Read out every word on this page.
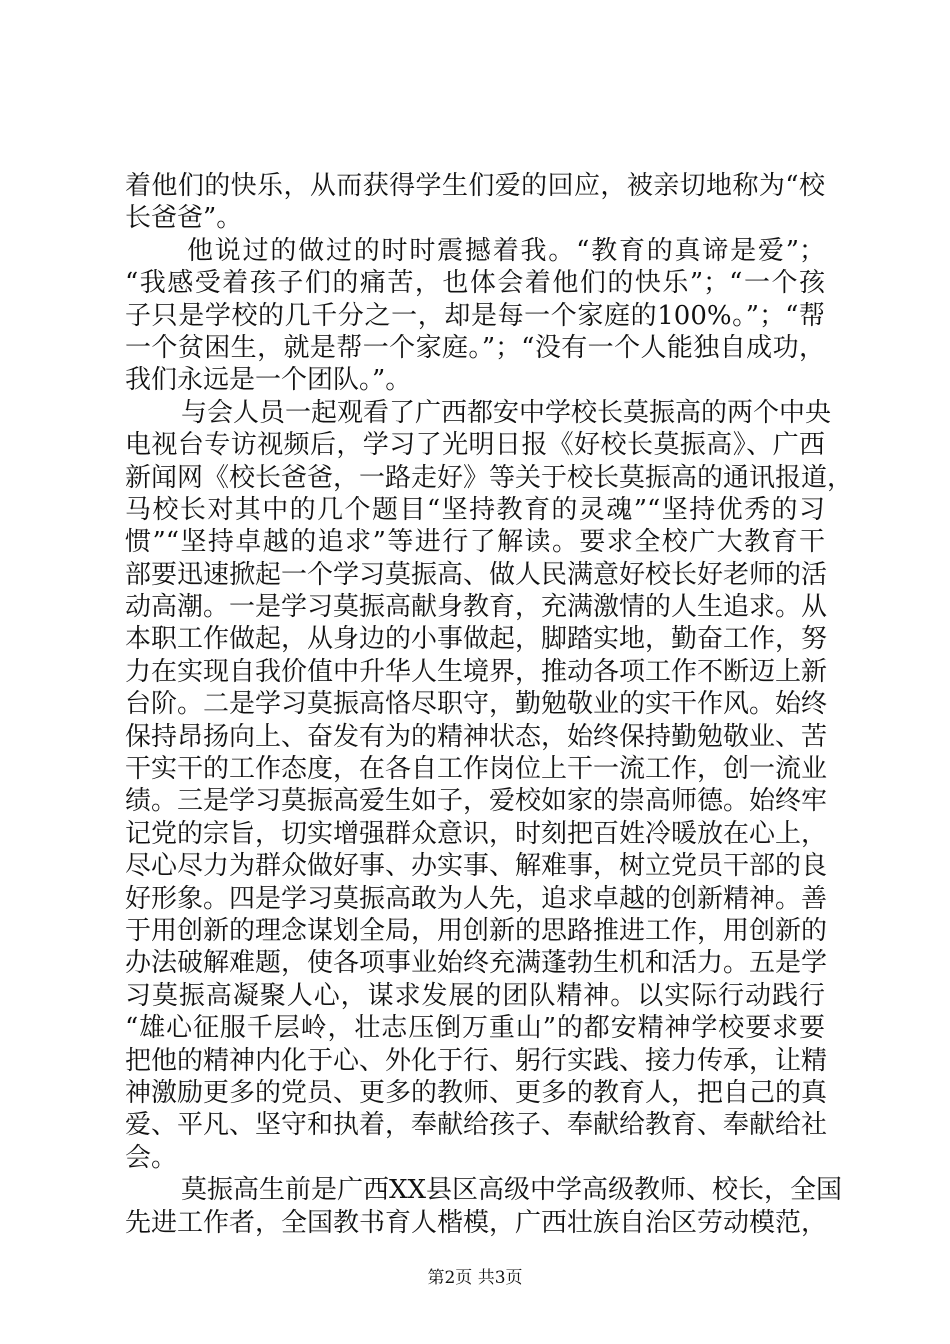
着他们的快乐，从而获得学生们爱的回应，被亲切地称为“校
长爸爸”。
他说过的做过的时时震撼着我。“教育的真谛是爱”；
“我感受着孩子们的痛苦，也体会着他们的快乐”；“一个孩
子只是学校的几千分之一，却是每一个家庭的100%。”；“帮
一个贫困生，就是帮一个家庭。”；“没有一个人能独自成功，
我们永远是一个团队。”。
与会人员一起观看了广西都安中学校长莫振高的两个中央
电视台专访视频后，学习了光明日报《好校长莫振高》、广西
新闻网《校长爸爸，一路走好》等关于校长莫振高的通讯报道，
马校长对其中的几个题目“坚持教育的灵魂”“坚持优秀的习
惯”“坚持卓越的追求”等进行了解读。要求全校广大教育干
部要迅速掀起一个学习莫振高、做人民满意好校长好老师的活
动高潮。一是学习莫振高献身教育，充满激情的人生追求。从
本职工作做起，从身边的小事做起，脚踏实地，勤奋工作，努
力在实现自我价值中升华人生境界，推动各项工作不断迈上新
台阶。二是学习莫振高恪尽职守，勤勉敬业的实干作风。始终
保持昂扬向上、奋发有为的精神状态，始终保持勤勉敬业、苦
干实干的工作态度，在各自工作岗位上干一流工作，创一流业
绩。三是学习莫振高爱生如子，爱校如家的崇高师德。始终牢
记党的宗旨，切实增强群众意识，时刻把百姓冷暖放在心上，
尽心尽力为群众做好事、办实事、解难事，树立党员干部的良
好形象。四是学习莫振高敢为人先，追求卓越的创新精神。善
于用创新的理念谋划全局，用创新的思路推进工作，用创新的
办法破解难题，使各项事业始终充满蓬勃生机和活力。五是学
习莫振高凝聚人心，谋求发展的团队精神。以实际行动践行
“雄心征服千层岭，壮志压倒万重山”的都安精神学校要求要
把他的精神内化于心、外化于行、躬行实践、接力传承，让精
神激励更多的党员、更多的教师、更多的教育人，把自己的真
爱、平凡、坚守和执着，奉献给孩子、奉献给教育、奉献给社
会。
莫振高生前是广西XX县区高级中学高级教师、校长，全国
先进工作者，全国教书育人楷模，广西壮族自治区劳动模范，
第2页 共3页
